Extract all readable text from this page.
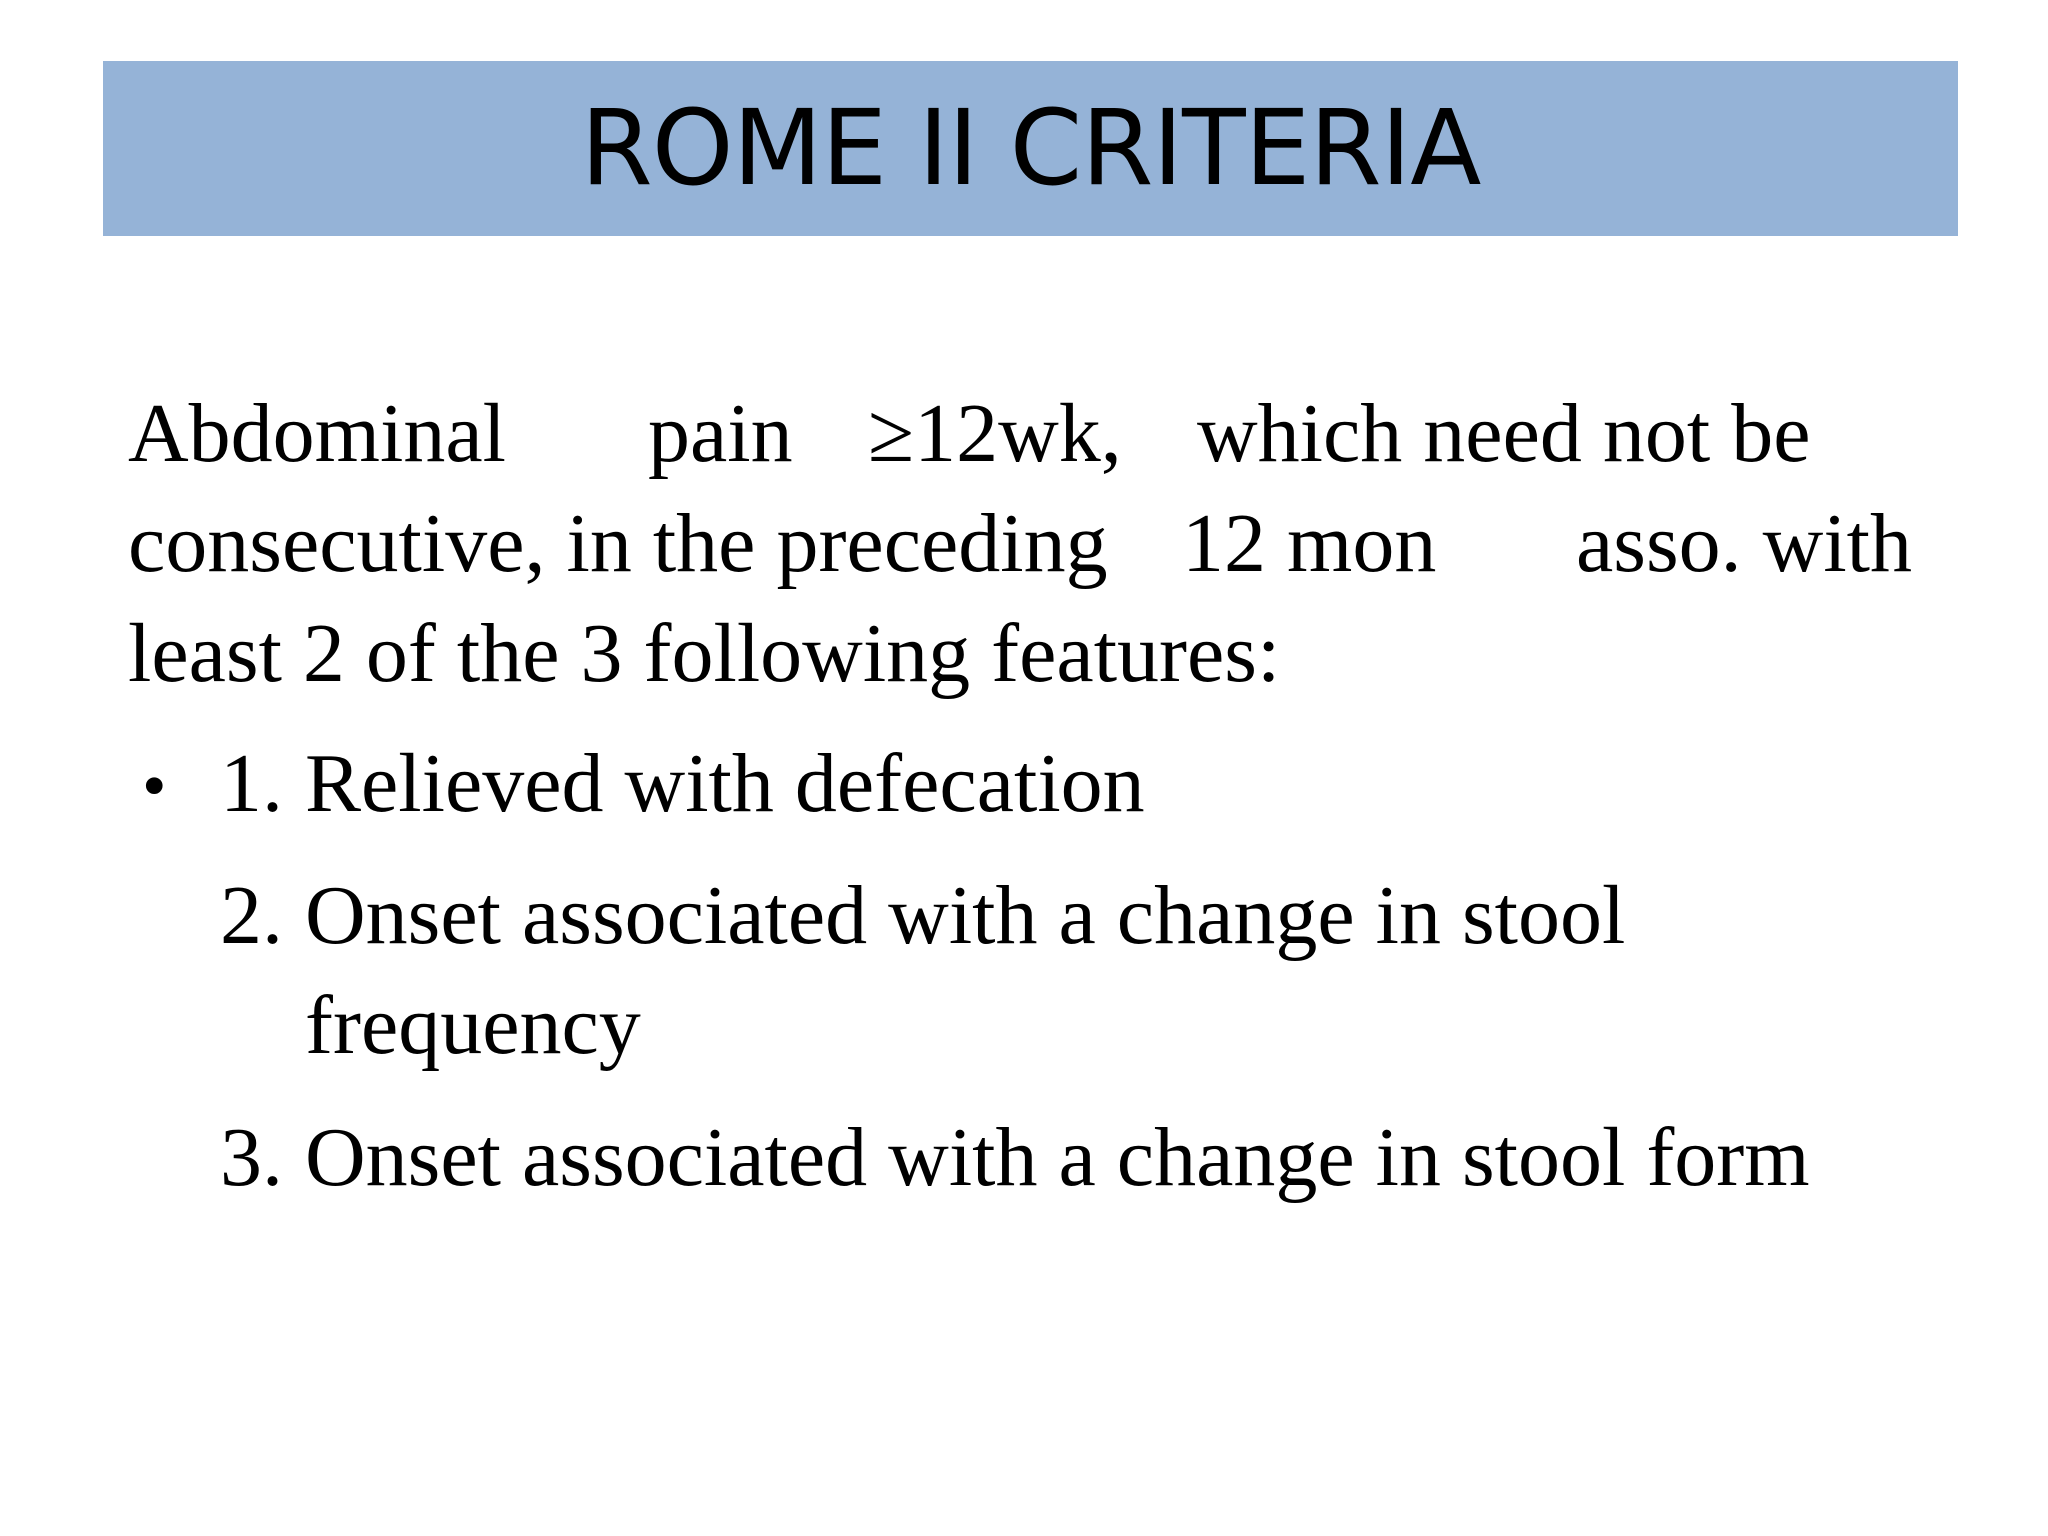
ROME II CRITERIA
Abdominal pain ≥12wk, which need not be
consecutive, in the preceding 12 mon asso. with
least 2 of the 3 following features:
• 1. Relieved with defecation
2. Onset associated with a change in stool
frequency
3. Onset associated with a change in stool form
